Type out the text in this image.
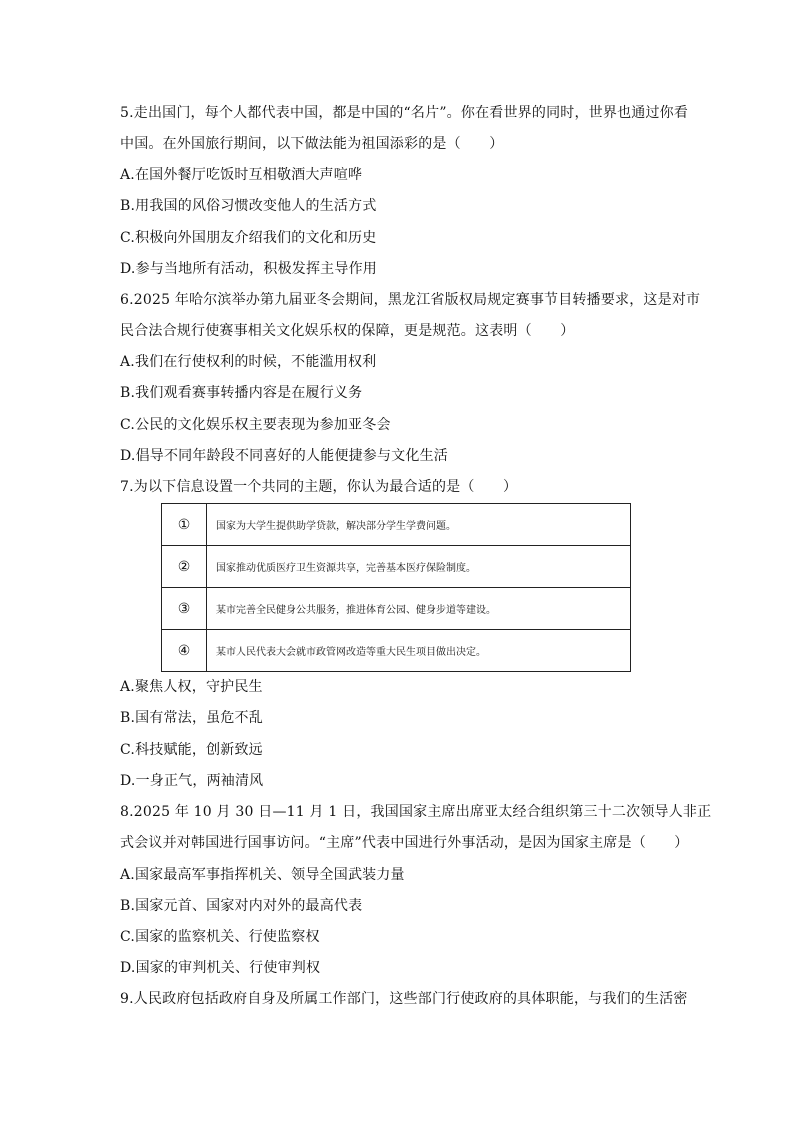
5.走出国门，每个人都代表中国，都是中国的“名片”。你在看世界的同时，世界也通过你看
中国。在外国旅行期间，以下做法能为祖国添彩的是（　　）
A.在国外餐厅吃饭时互相敬酒大声喧哗
B.用我国的风俗习惯改变他人的生活方式
C.积极向外国朋友介绍我们的文化和历史
D.参与当地所有活动，积极发挥主导作用
6.2025 年哈尔滨举办第九届亚冬会期间，黑龙江省版权局规定赛事节目转播要求，这是对市
民合法合规行使赛事相关文化娱乐权的保障，更是规范。这表明（　　）
A.我们在行使权利的时候，不能滥用权利
B.我们观看赛事转播内容是在履行义务
C.公民的文化娱乐权主要表现为参加亚冬会
D.倡导不同年龄段不同喜好的人能便捷参与文化生活
7.为以下信息设置一个共同的主题，你认为最合适的是（　　）
①	国家为大学生提供助学贷款，解决部分学生学费问题。
②	国家推动优质医疗卫生资源共享，完善基本医疗保险制度。
③	某市完善全民健身公共服务，推进体育公园、健身步道等建设。
④	某市人民代表大会就市政管网改造等重大民生项目做出决定。
A.聚焦人权，守护民生
B.国有常法，虽危不乱
C.科技赋能，创新致远
D.一身正气，两袖清风
8.2025 年 10 月 30 日—11 月 1 日，我国国家主席出席亚太经合组织第三十二次领导人非正
式会议并对韩国进行国事访问。“主席”代表中国进行外事活动，是因为国家主席是（　　）
A.国家最高军事指挥机关、领导全国武装力量
B.国家元首、国家对内对外的最高代表
C.国家的监察机关、行使监察权
D.国家的审判机关、行使审判权
9.人民政府包括政府自身及所属工作部门，这些部门行使政府的具体职能，与我们的生活密
